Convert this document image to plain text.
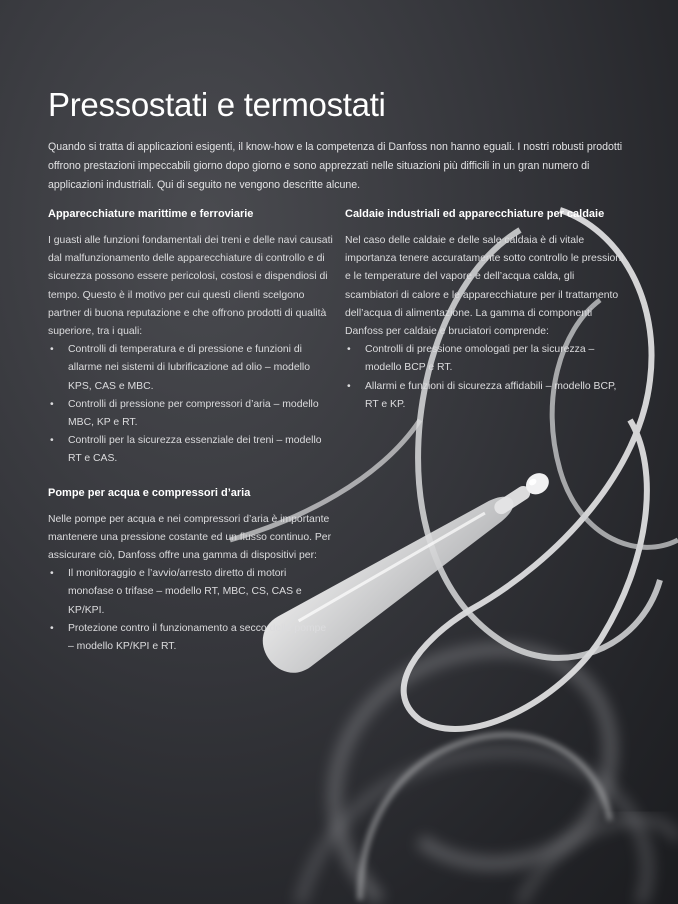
Pressostati e termostati

Quando si tratta di applicazioni esigenti, il know-how e la competenza di Danfoss non hanno eguali. I nostri robusti prodotti offrono prestazioni impeccabili giorno dopo giorno e sono apprezzati nelle situazioni più difficili in un gran numero di applicazioni industriali. Qui di seguito ne vengono descritte alcune.

Apparecchiature marittime e ferroviarie

I guasti alle funzioni fondamentali dei treni e delle navi causati dal malfunzionamento delle apparecchiature di controllo e di sicurezza possono essere pericolosi, costosi e dispendiosi di tempo. Questo è il motivo per cui questi clienti scelgono partner di buona reputazione e che offrono prodotti di qualità superiore, tra i quali:

• Controlli di temperatura e di pressione e funzioni di allarme nei sistemi di lubrificazione ad olio – modello KPS, CAS e MBC.
• Controlli di pressione per compressori d’aria – modello MBC, KP e RT.
• Controlli per la sicurezza essenziale dei treni – modello RT e CAS.
Pompe per acqua e compressori d’aria

Nelle pompe per acqua e nei compressori d’aria è importante mantenere una pressione costante ed un flusso continuo. Per assicurare ciò, Danfoss offre una gamma di dispositivi per:

• Il monitoraggio e l’avvio/arresto diretto di motori monofase o trifase – modello RT, MBC, CS, CAS e KP/KPI.
• Protezione contro il funzionamento a secco delle pompe – modello KP/KPI e RT.
Caldaie industriali ed apparecchiature per caldaie

Nel caso delle caldaie e delle sale caldaia è di vitale importanza tenere accuratamente sotto controllo le pressioni e le temperature del vapore e dell’acqua calda, gli scambiatori di calore e le apparecchiature per il trattamento dell’acqua di alimentazione. La gamma di componenti Danfoss per caldaie e bruciatori comprende:

• Controlli di pressione omologati per la sicurezza – modello BCP e RT.
• Allarmi e funzioni di sicurezza affidabili – modello BCP, RT e KP.
